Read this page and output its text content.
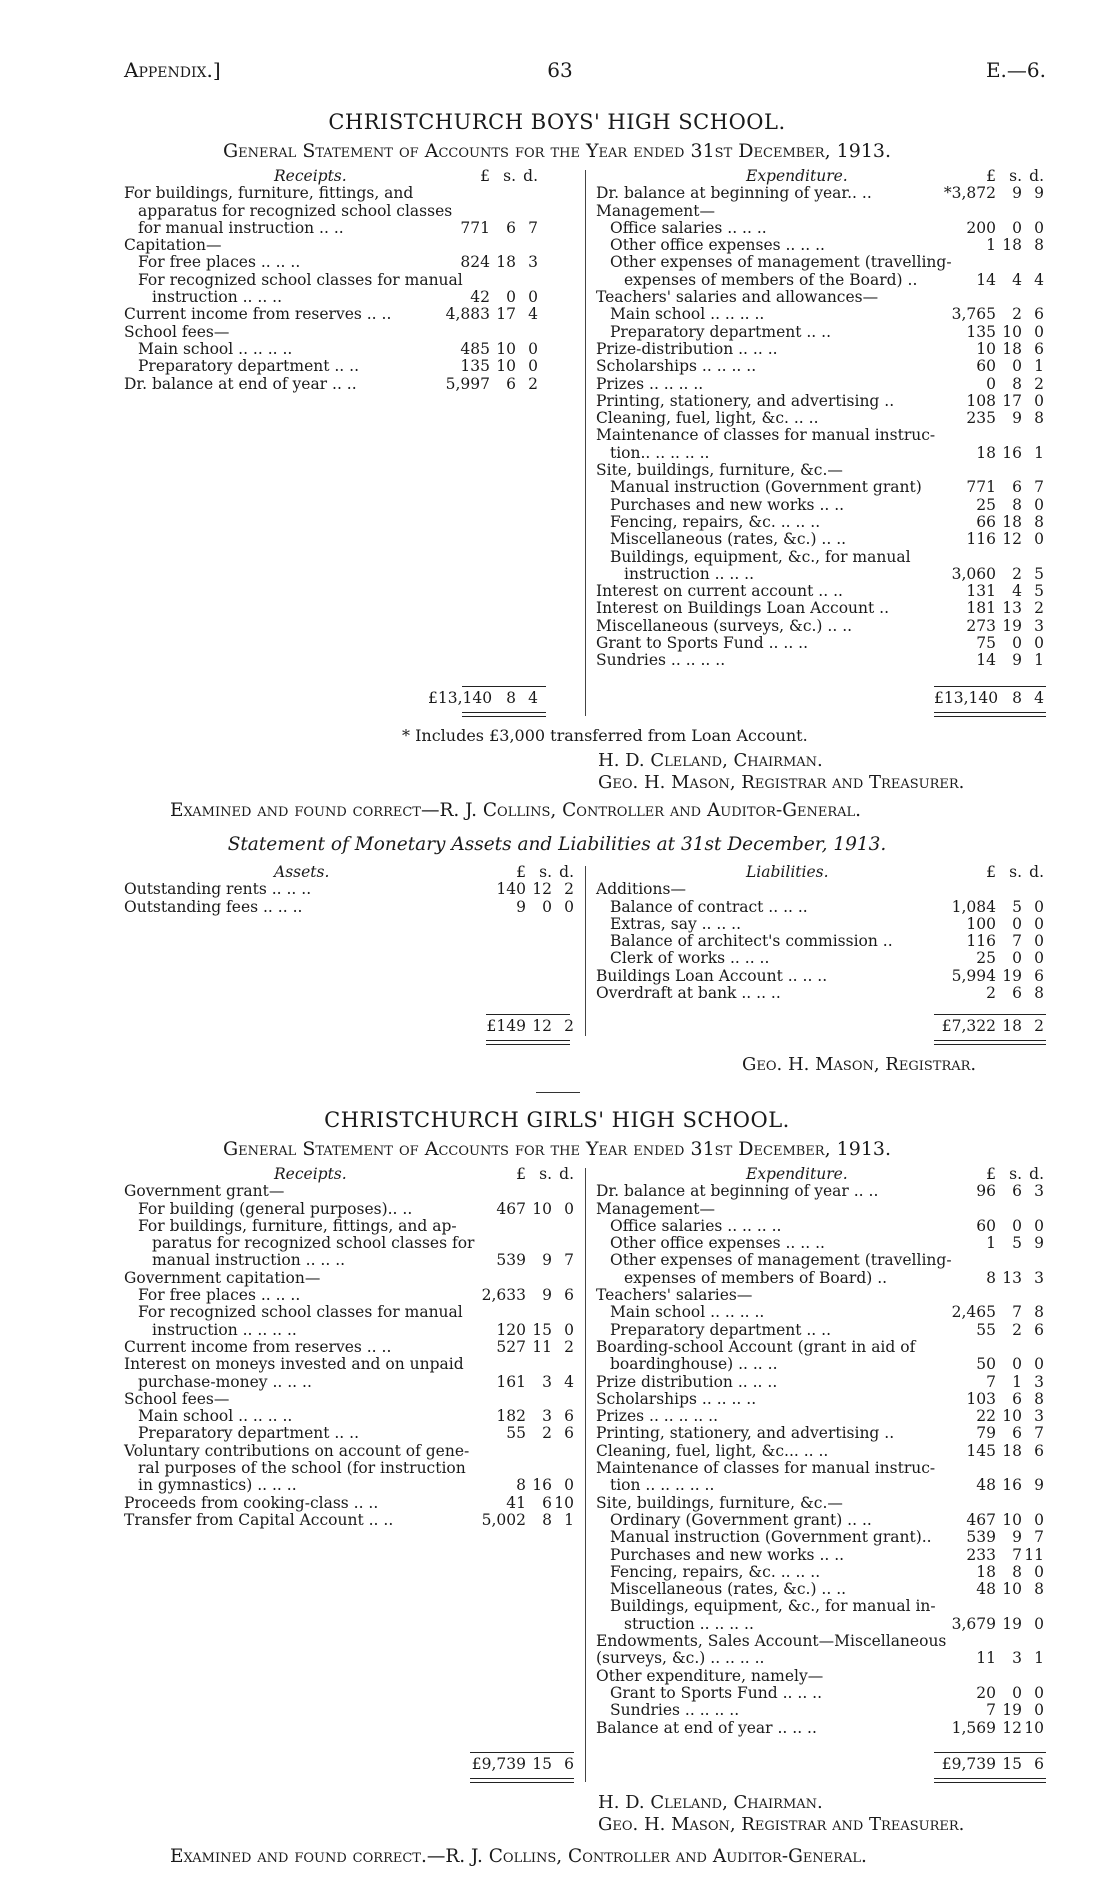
Appendix.]	63	E.—6.
CHRISTCHURCH BOYS' HIGH SCHOOL.
General Statement of Accounts for the Year ended 31st December, 1913.
Receipts.	£ s. d.
For buildings, furniture, fittings, and
apparatus for recognized school classes
for manual instruction .. ..	771 6 7
Capitation—
For free places .. .. ..	824 18 3
For recognized school classes for manual
instruction .. .. ..	42 0 0
Current income from reserves .. ..	4,883 17 4
School fees—
Main school .. .. .. ..	485 10 0
Preparatory department .. ..	135 10 0
Dr. balance at end of year .. ..	5,997 6 2
Expenditure.	£ s. d.
Dr. balance at beginning of year.. ..	*3,872 9 9
Management—
Office salaries .. .. ..	200 0 0
Other office expenses .. .. ..	1 18 8
Other expenses of management (travelling-
expenses of members of the Board) ..	14 4 4
Teachers' salaries and allowances—
Main school .. .. .. ..	3,765 2 6
Preparatory department .. ..	135 10 0
Prize-distribution .. .. ..	10 18 6
Scholarships .. .. .. ..	60 0 1
Prizes .. .. .. ..	0 8 2
Printing, stationery, and advertising ..	108 17 0
Cleaning, fuel, light, &c. .. ..	235 9 8
Maintenance of classes for manual instruc-
tion.. .. .. .. ..	18 16 1
Site, buildings, furniture, &c.—
Manual instruction (Government grant)	771 6 7
Purchases and new works .. ..	25 8 0
Fencing, repairs, &c. .. .. ..	66 18 8
Miscellaneous (rates, &c.) .. ..	116 12 0
Buildings, equipment, &c., for manual
instruction .. .. ..	3,060 2 5
Interest on current account .. ..	131 4 5
Interest on Buildings Loan Account ..	181 13 2
Miscellaneous (surveys, &c.) .. ..	273 19 3
Grant to Sports Fund .. .. ..	75 0 0
Sundries .. .. .. ..	14 9 1
£13,140 8 4	£13,140 8 4
* Includes £3,000 transferred from Loan Account.
H. D. Cleland, Chairman.
Geo. H. Mason, Registrar and Treasurer.
Examined and found correct—R. J. Collins, Controller and Auditor-General.
Statement of Monetary Assets and Liabilities at 31st December, 1913.
Assets.	£ s. d.
Outstanding rents .. .. ..	140 12 2
Outstanding fees .. .. ..	9 0 0
Liabilities.	£ s. d.
Additions—
Balance of contract .. .. ..	1,084 5 0
Extras, say .. .. ..	100 0 0
Balance of architect's commission ..	116 7 0
Clerk of works .. .. ..	25 0 0
Buildings Loan Account .. .. ..	5,994 19 6
Overdraft at bank .. .. ..	2 6 8
£149 12 2	£7,322 18 2
Geo. H. Mason, Registrar.
CHRISTCHURCH GIRLS' HIGH SCHOOL.
General Statement of Accounts for the Year ended 31st December, 1913.
Receipts.	£ s. d.
Government grant—
For building (general purposes).. ..	467 10 0
For buildings, furniture, fittings, and ap-
paratus for recognized school classes for
manual instruction .. .. ..	539 9 7
Government capitation—
For free places .. .. ..	2,633 9 6
For recognized school classes for manual
instruction .. .. .. ..	120 15 0
Current income from reserves .. ..	527 11 2
Interest on moneys invested and on unpaid
purchase-money .. .. ..	161 3 4
School fees—
Main school .. .. .. ..	182 3 6
Preparatory department .. ..	55 2 6
Voluntary contributions on account of gene-
ral purposes of the school (for instruction
in gymnastics) .. .. ..	8 16 0
Proceeds from cooking-class .. ..	41 6 10
Transfer from Capital Account .. ..	5,002 8 1
Expenditure.	£ s. d.
Dr. balance at beginning of year .. ..	96 6 3
Management—
Office salaries .. .. .. ..	60 0 0
Other office expenses .. .. ..	1 5 9
Other expenses of management (travelling-
expenses of members of Board) ..	8 13 3
Teachers' salaries—
Main school .. .. .. ..	2,465 7 8
Preparatory department .. ..	55 2 6
Boarding-school Account (grant in aid of
boardinghouse) .. .. ..	50 0 0
Prize distribution .. .. ..	7 1 3
Scholarships .. .. .. ..	103 6 8
Prizes .. .. .. .. ..	22 10 3
Printing, stationery, and advertising ..	79 6 7
Cleaning, fuel, light, &c... .. ..	145 18 6
Maintenance of classes for manual instruc-
tion .. .. .. .. ..	48 16 9
Site, buildings, furniture, &c.—
Ordinary (Government grant) .. ..	467 10 0
Manual instruction (Government grant)..	539 9 7
Purchases and new works .. ..	233 7 11
Fencing, repairs, &c. .. .. ..	18 8 0
Miscellaneous (rates, &c.) .. ..	48 10 8
Buildings, equipment, &c., for manual in-
struction .. .. .. ..	3,679 19 0
Endowments, Sales Account—Miscellaneous
(surveys, &c.) .. .. .. ..	11 3 1
Other expenditure, namely—
Grant to Sports Fund .. .. ..	20 0 0
Sundries .. .. .. ..	7 19 0
Balance at end of year .. .. ..	1,569 12 10
£9,739 15 6	£9,739 15 6
H. D. Cleland, Chairman.
Geo. H. Mason, Registrar and Treasurer.
Examined and found correct.—R. J. Collins, Controller and Auditor-General.
